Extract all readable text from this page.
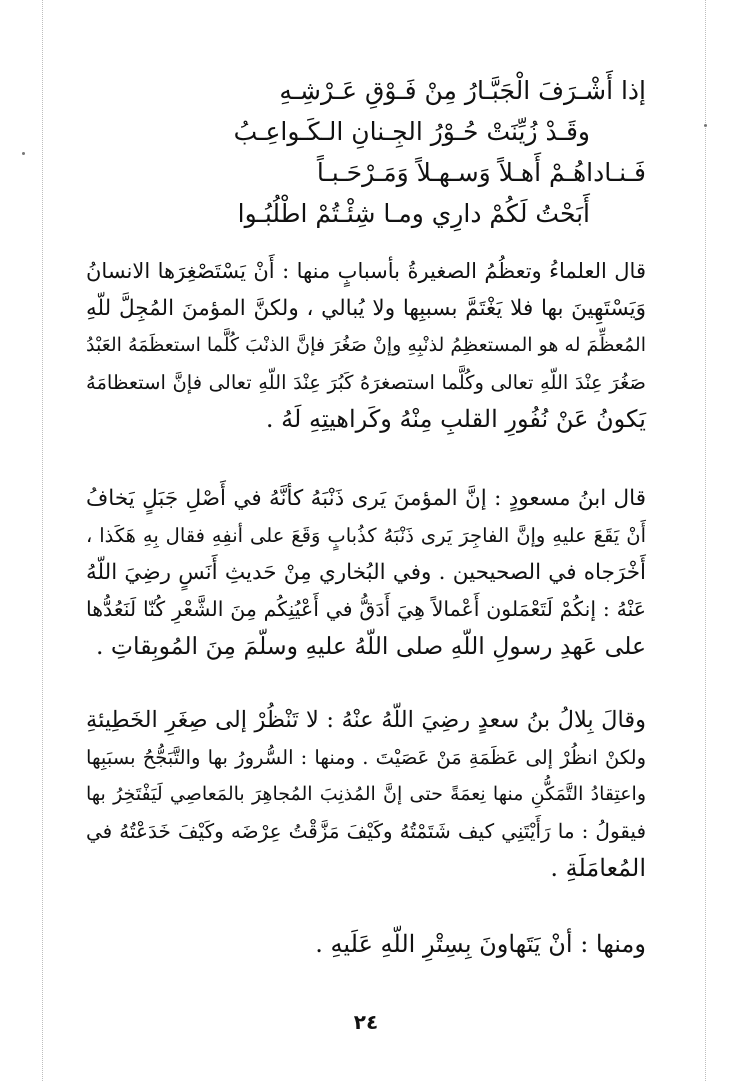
إذا أَشْـرَفَ الْجَبَّـارُ مِنْ فَـوْقِ عَـرْشِـهِ
وقَـدْ زُيِّنَتْ حُـوْرُ الجِـنانِ الـكَـواعِـبُ
فَـنـاداهُـمْ أَهـلاً وَسـهـلاً وَمَـرْحَـبـاً
أَبَحْتُ لَكُمْ دارِي ومـا شِئْـتُمْ اطْلُبُـوا
قال العلماءُ وتعظُمُ الصغيرةُ بأسبابٍ منها : أَنْ يَسْتَصْغِرَها الانسانُ
وَيَسْتَهِينَ بها فلا يَغْتَمَّ بسببِها ولا يُبالي ، ولكنَّ المؤمنَ المُجِلَّ للّهِ
المُعظِّمَ له هو المستعظِمُ لذنْبِهِ وإنْ صَغُرَ فإنَّ الذنْبَ كُلَّما استعظَمَهُ العَبْدُ
صَغُرَ عِنْدَ اللّهِ تعالى وكُلَّما استصغرَهُ كَبُرَ عِنْدَ اللّهِ تعالى فإنَّ استعظامَهُ
يَكونُ عَنْ نُفُورِ القلبِ مِنْهُ وكَراهيتِهِ لَهُ .
قال ابنُ مسعودٍ : إنَّ المؤمنَ يَرى ذَنْبَهُ كأنَّهُ في أَصْلِ جَبَلٍ يَخافُ
أَنْ يَقَعَ عليهِ وإنَّ الفاجِرَ يَرى ذَنْبَهُ كذُبابٍ وَقَعَ على أنفِهِ فقال بِهِ هَكَذا ،
أَخْرَجاه في الصحيحين . وفي البُخاري مِنْ حَديثِ أَنَسٍ رضِيَ اللّهُ
عَنْهُ : إنكُمْ لَتَعْمَلون أَعْمالاً هِيَ أَدَقُّ في أَعْيُنِكُم مِنَ الشَّعْرِ كُنّا لَنَعُدُّها
على عَهدِ رسولِ اللّهِ صلى اللّهُ عليهِ وسلّمَ مِنَ المُوبِقاتِ .
وقالَ بِلالُ بنُ سعدٍ رضِيَ اللّهُ عنْهُ : لا تَنْظُرْ إلى صِغَرِ الخَطِيئةِ
ولكنْ انظُرْ إلى عَظَمَةِ مَنْ عَصَيْتَ . ومنها : السُّرورُ بها والتَّبَجُّحُ بسبَبِها
واعتِقادُ التَّمَكُّنِ منها نِعمَةً حتى إنَّ المُذنِبَ المُجاهِرَ بالمَعاصِي لَيَفْتَخِرُ بها
فيقولُ : ما رَأَيْتَنِي كيف شَتَمْتُهُ وكَيْفَ مَزَّقْتُ عِرْضَه وكَيْفَ خَدَعْتُهُ في
المُعامَلَةِ .
ومنها : أنْ يَتَهاونَ بِسِتْرِ اللّهِ عَلَيهِ .
٢٤
